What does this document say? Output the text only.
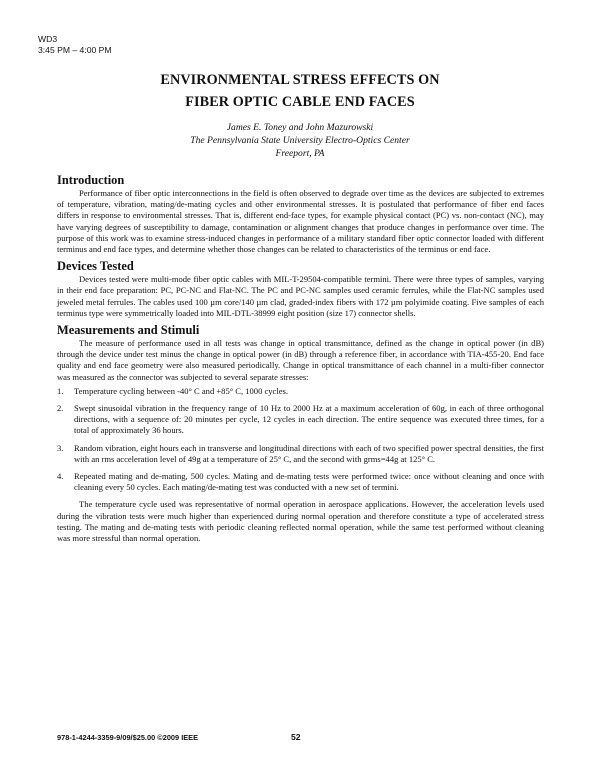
WD3
3:45 PM – 4:00 PM
ENVIRONMENTAL STRESS EFFECTS ON
FIBER OPTIC CABLE END FACES
James E. Toney and John Mazurowski
The Pennsylvania State University Electro-Optics Center
Freeport, PA
Introduction

Performance of fiber optic interconnections in the field is often observed to degrade over time as the devices are subjected to extremes of temperature, vibration, mating/de-mating cycles and other environmental stresses. It is postulated that performance of fiber end faces differs in response to environmental stresses. That is, different end-face types, for example physical contact (PC) vs. non-contact (NC), may have varying degrees of susceptibility to damage, contamination or alignment changes that produce changes in performance over time. The purpose of this work was to examine stress-induced changes in performance of a military standard fiber optic connector loaded with different terminus and end face types, and determine whether those changes can be related to characteristics of the terminus or end face.

Devices Tested

Devices tested were multi-mode fiber optic cables with MIL-T-29504-compatible termini. There were three types of samples, varying in their end face preparation: PC, PC-NC and Flat-NC. The PC and PC-NC samples used ceramic ferrules, while the Flat-NC samples used jeweled metal ferrules. The cables used 100 µm core/140 µm clad, graded-index fibers with 172 µm polyimide coating. Five samples of each terminus type were symmetrically loaded into MIL-DTL-38999 eight position (size 17) connector shells.

Measurements and Stimuli

The measure of performance used in all tests was change in optical transmittance, defined as the change in optical power (in dB) through the device under test minus the change in optical power (in dB) through a reference fiber, in accordance with TIA-455-20. End face quality and end face geometry were also measured periodically. Change in optical transmittance of each channel in a multi-fiber connector was measured as the connector was subjected to several separate stresses:

1. Temperature cycling between -40° C and +85° C, 1000 cycles.
2. Swept sinusoidal vibration in the frequency range of 10 Hz to 2000 Hz at a maximum acceleration of 60g, in each of three orthogonal directions, with a sequence of: 20 minutes per cycle, 12 cycles in each direction. The entire sequence was executed three times, for a total of approximately 36 hours.
3. Random vibration, eight hours each in transverse and longitudinal directions with each of two specified power spectral densities, the first with an rms acceleration level of 49g at a temperature of 25° C, and the second with grms=44g at 125° C.
4. Repeated mating and de-mating, 500 cycles. Mating and de-mating tests were performed twice: once without cleaning and once with cleaning every 50 cycles. Each mating/de-mating test was conducted with a new set of termini.

The temperature cycle used was representative of normal operation in aerospace applications. However, the acceleration levels used during the vibration tests were much higher than experienced during normal operation and therefore constitute a type of accelerated stress testing. The mating and de-mating tests with periodic cleaning reflected normal operation, while the same test performed without cleaning was more stressful than normal operation.

978-1-4244-3359-9/09/$25.00 ©2009 IEEE	52
